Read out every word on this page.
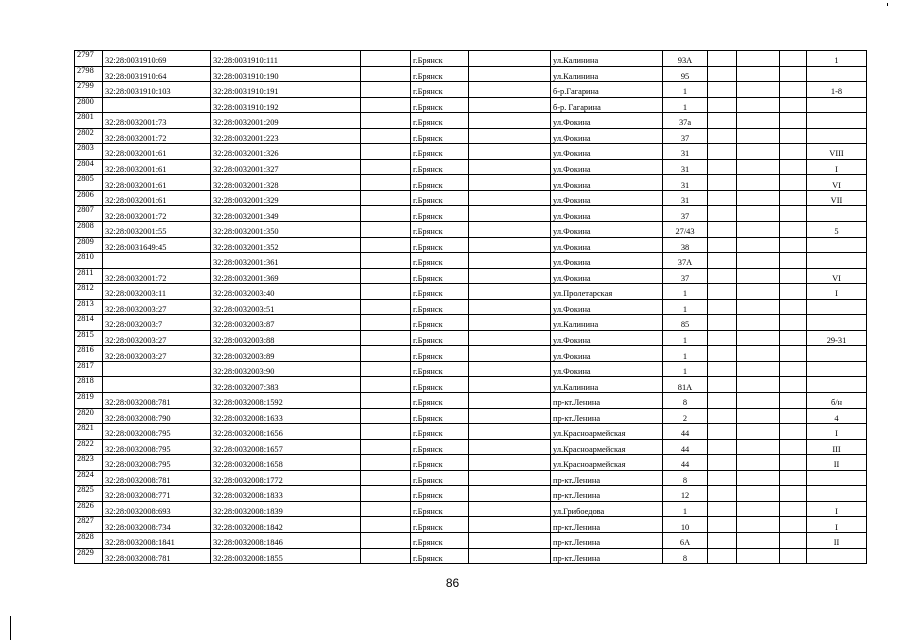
2797	32:28:0031910:69	32:28:0031910:111		г.Брянск		ул.Калинина	93А				1
2798	32:28:0031910:64	32:28:0031910:190		г.Брянск		ул.Калинина	95				
2799	32:28:0031910:103	32:28:0031910:191		г.Брянск		б-р.Гагарина	1				1-8
2800		32:28:0031910:192		г.Брянск		б-р. Гагарина	1				
2801	32:28:0032001:73	32:28:0032001:209		г.Брянск		ул.Фокина	37а				
2802	32:28:0032001:72	32:28:0032001:223		г.Брянск		ул.Фокина	37				
2803	32:28:0032001:61	32:28:0032001:326		г.Брянск		ул.Фокина	31				VIII
2804	32:28:0032001:61	32:28:0032001:327		г.Брянск		ул.Фокина	31				I
2805	32:28:0032001:61	32:28:0032001:328		г.Брянск		ул.Фокина	31				VI
2806	32:28:0032001:61	32:28:0032001:329		г.Брянск		ул.Фокина	31				VII
2807	32:28:0032001:72	32:28:0032001:349		г.Брянск		ул.Фокина	37				
2808	32:28:0032001:55	32:28:0032001:350		г.Брянск		ул.Фокина	27/43				5
2809	32:28:0031649:45	32:28:0032001:352		г.Брянск		ул.Фокина	38				
2810		32:28:0032001:361		г.Брянск		ул.Фокина	37А				
2811	32:28:0032001:72	32:28:0032001:369		г.Брянск		ул.Фокина	37				VI
2812	32:28:0032003:11	32:28:0032003:40		г.Брянск		ул.Пролетарская	1				I
2813	32:28:0032003:27	32:28:0032003:51		г.Брянск		ул.Фокина	1				
2814	32:28:0032003:7	32:28:0032003:87		г.Брянск		ул.Калинина	85				
2815	32:28:0032003:27	32:28:0032003:88		г.Брянск		ул.Фокина	1				29-31
2816	32:28:0032003:27	32:28:0032003:89		г.Брянск		ул.Фокина	1				
2817		32:28:0032003:90		г.Брянск		ул.Фокина	1				
2818		32:28:0032007:383		г.Брянск		ул.Калинина	81А				
2819	32:28:0032008:781	32:28:0032008:1592		г.Брянск		пр-кт.Ленина	8				б/н
2820	32:28:0032008:790	32:28:0032008:1633		г.Брянск		пр-кт.Ленина	2				4
2821	32:28:0032008:795	32:28:0032008:1656		г.Брянск		ул.Красноармейская	44				I
2822	32:28:0032008:795	32:28:0032008:1657		г.Брянск		ул.Красноармейская	44				III
2823	32:28:0032008:795	32:28:0032008:1658		г.Брянск		ул.Красноармейская	44				II
2824	32:28:0032008:781	32:28:0032008:1772		г.Брянск		пр-кт.Ленина	8				
2825	32:28:0032008:771	32:28:0032008:1833		г.Брянск		пр-кт.Ленина	12				
2826	32:28:0032008:693	32:28:0032008:1839		г.Брянск		ул.Грибоедова	1				I
2827	32:28:0032008:734	32:28:0032008:1842		г.Брянск		пр-кт.Ленина	10				I
2828	32:28:0032008:1841	32:28:0032008:1846		г.Брянск		пр-кт.Ленина	6А				II
2829	32:28:0032008:781	32:28:0032008:1855		г.Брянск		пр-кт.Ленина	8				
86
